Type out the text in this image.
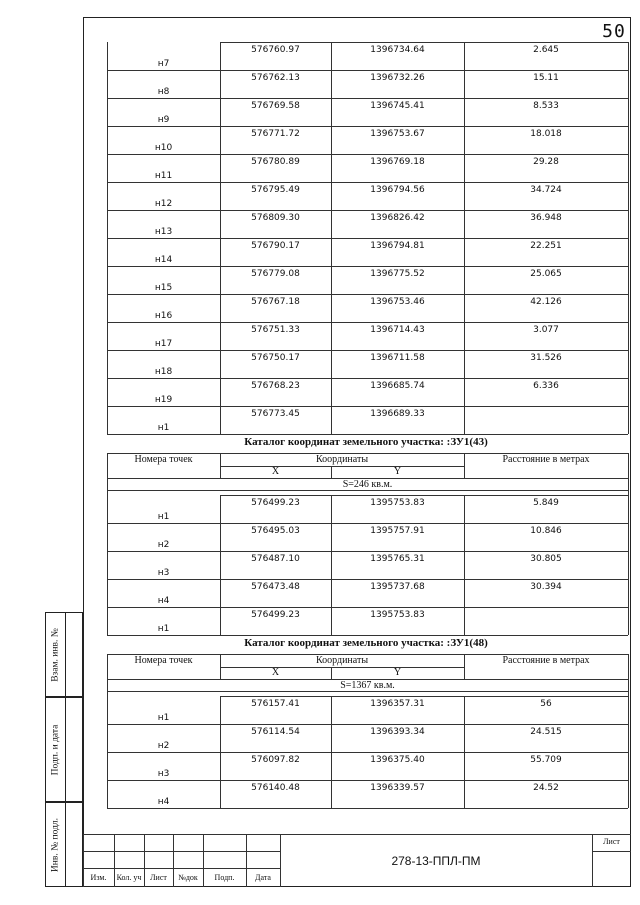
50
н7
576760.97	1396734.64	2.645
н8
576762.13	1396732.26	15.11
н9
576769.58	1396745.41	8.533
н10
576771.72	1396753.67	18.018
н11
576780.89	1396769.18	29.28
н12
576795.49	1396794.56	34.724
н13
576809.30	1396826.42	36.948
н14
576790.17	1396794.81	22.251
н15
576779.08	1396775.52	25.065
н16
576767.18	1396753.46	42.126
н17
576751.33	1396714.43	3.077
н18
576750.17	1396711.58	31.526
н19
576768.23	1396685.74	6.336
н1
576773.45	1396689.33
Каталог координат земельного участка: :ЗУ1(43)
Номера точек	Координаты
X	Y
Расстояние в метрах
S=246 кв.м.
н1
576499.23	1395753.83	5.849
н2
576495.03	1395757.91	10.846
н3
576487.10	1395765.31	30.805
н4
576473.48	1395737.68	30.394
н1
576499.23	1395753.83
Каталог координат земельного участка: :ЗУ1(48)
Номера точек	Координаты
X	Y
Расстояние в метрах
S=1367 кв.м.
н1
576157.41	1396357.31	56
н2
576114.54	1396393.34	24.515
н3
576097.82	1396375.40	55.709
н4
576140.48	1396339.57	24.52
Взам. инв. №
Подп. и дата
Инв. № подл.
Изм.	Кол. уч	Лист	№док	Подп.	Дата
278-13-ППЛ-ПМ
Лист
